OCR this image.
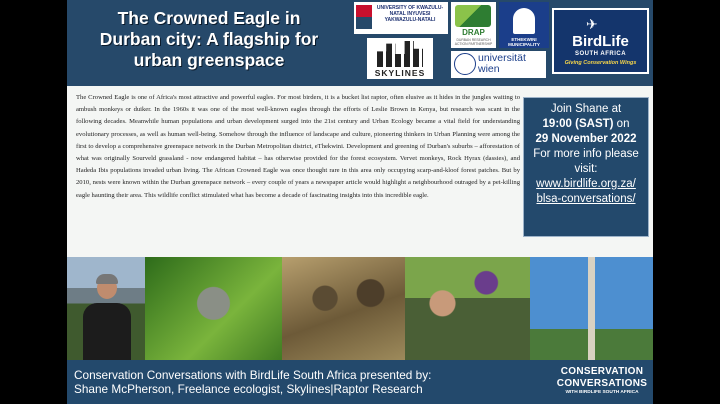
The Crowned Eagle in Durban city: A flagship for urban greenspace
UNIVERSITY OF KWAZULU-NATAL INYUVESI YAKWAZULU-NATALI
DRAP
DURBAN RESEARCH ACTION PARTNERSHIP
ETHEKWINI MUNICIPALITY
✈
BirdLife
SOUTH AFRICA
Giving Conservation Wings
SKYLINES
universität wien
The Crowned Eagle is one of Africa's most attractive and powerful eagles. For most birders, it is a bucket list raptor, often elusive as it hides in the jungles waiting to ambush monkeys or duiker. In the 1960s it was one of the most well-known eagles through the efforts of Leslie Brown in Kenya, but research was scant in the following decades. Meanwhile human populations and urban development surged into the 21st century and Urban Ecology became a vital field for understanding evolutionary processes, as well as human well-being. Somehow through the influence of landscape and culture, pioneering thinkers in Urban Planning were among the first to develop a comprehensive greenspace network in the Durban Metropolitan district, eThekwini. Development and greening of Durban's suburbs – afforestation of what was originally Sourveld grassland - now endangered habitat – has otherwise provided for the forest ecosystem. Vervet monkeys, Rock Hyrax (dassies), and Hadeda Ibis populations invaded urban living. The African Crowned Eagle was once thought rare in this area only occupying scarp-and-kloof forest patches. But by 2010, nests were known within the Durban greenspace network – every couple of years a newspaper article would highlight a neighbourhood outraged by a pet-killing eagle haunting their area. This wildlife conflict stimulated what has become a decade of fascinating insights into this incredible eagle.
Join Shane at
19:00 (SAST) on
29 November 2022
For more info please visit:
www.birdlife.org.za/
blsa-conversations/
Conservation Conversations with BirdLife South Africa presented by:
Shane McPherson, Freelance ecologist, Skylines|Raptor Research
CONSERVATION
CONVERSATIONS
WITH BIRDLIFE SOUTH AFRICA
